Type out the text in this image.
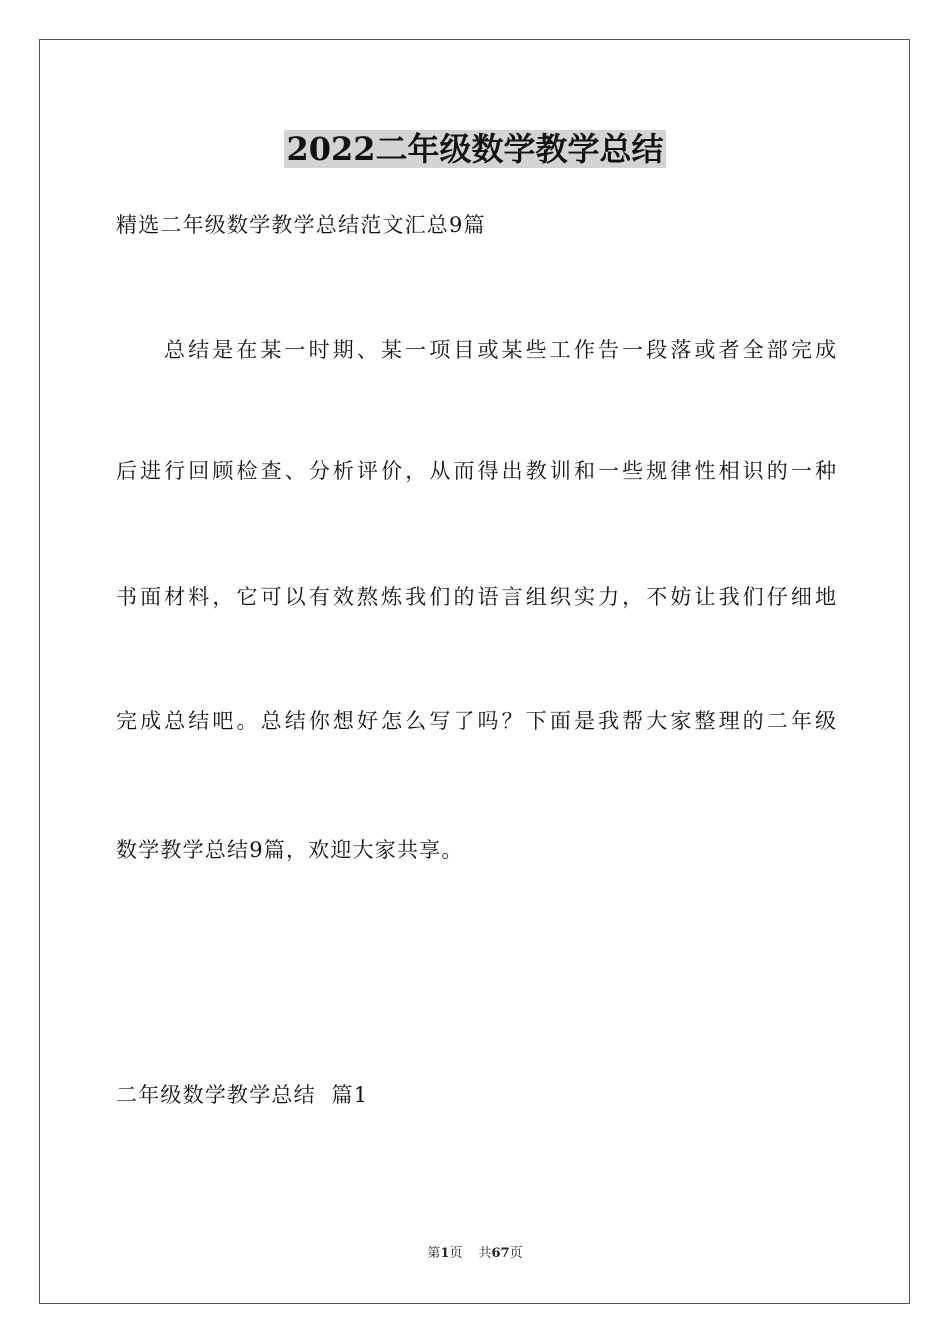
2022二年级数学教学总结
精选二年级数学教学总结范文汇总9篇
总结是在某一时期、某一项目或某些工作告一段落或者全部完成
后进行回顾检查、分析评价，从而得出教训和一些规律性相识的一种
书面材料，它可以有效熬炼我们的语言组织实力，不妨让我们仔细地
完成总结吧。总结你想好怎么写了吗？下面是我帮大家整理的二年级
数学教学总结9篇，欢迎大家共享。
二年级数学教学总结  篇1
第1页 共67页
